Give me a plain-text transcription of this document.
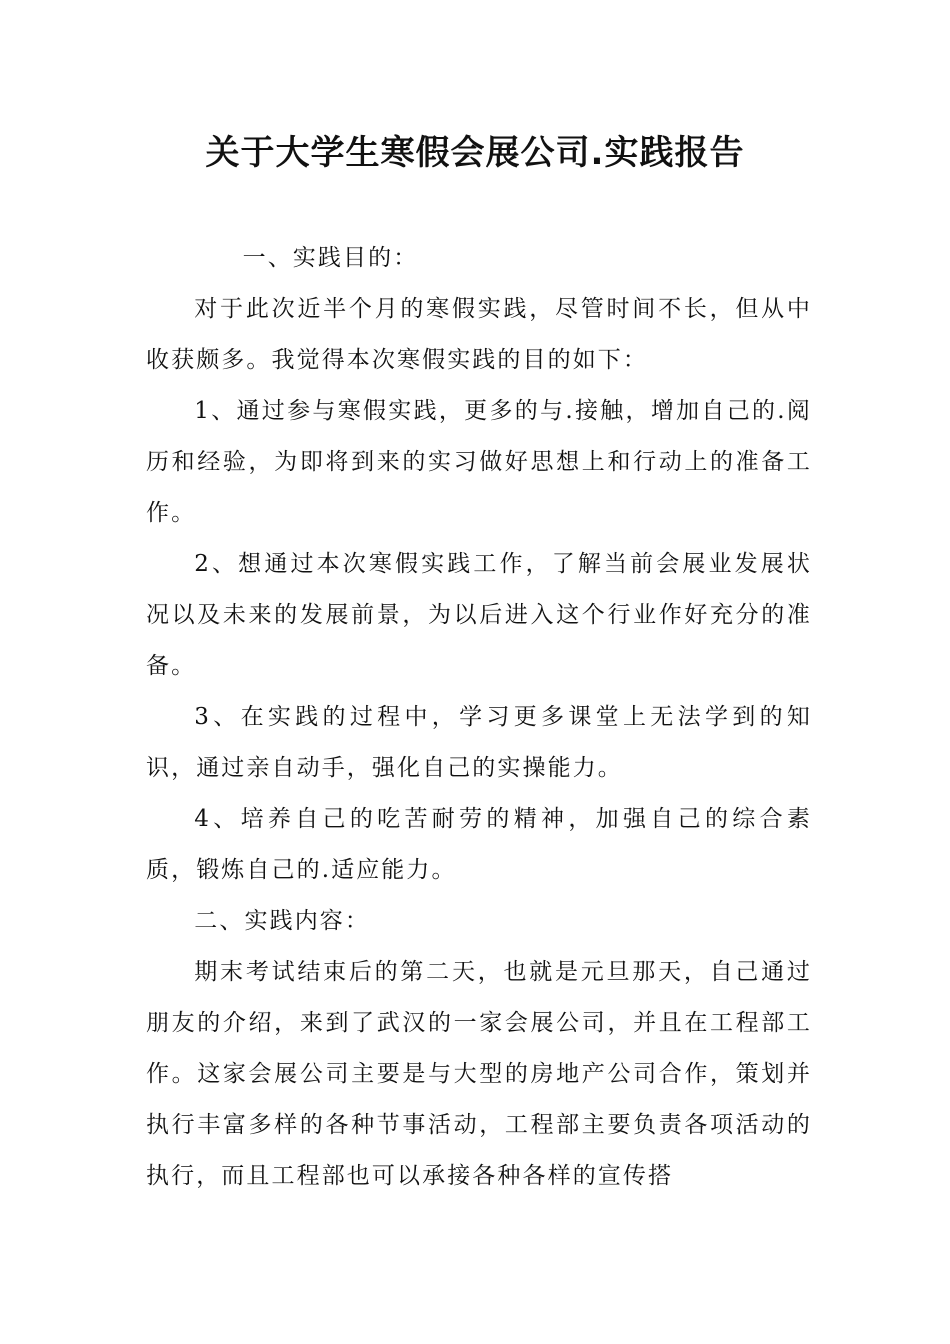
关于大学生寒假会展公司.实践报告

一、实践目的：

对于此次近半个月的寒假实践，尽管时间不长，但从中收获颇多。我觉得本次寒假实践的目的如下：

1、通过参与寒假实践，更多的与.接触，增加自己的.阅历和经验，为即将到来的实习做好思想上和行动上的准备工作。

2、想通过本次寒假实践工作，了解当前会展业发展状况以及未来的发展前景，为以后进入这个行业作好充分的准备。

3、在实践的过程中，学习更多课堂上无法学到的知识，通过亲自动手，强化自己的实操能力。

4、培养自己的吃苦耐劳的精神，加强自己的综合素质，锻炼自己的.适应能力。

二、实践内容：

期末考试结束后的第二天，也就是元旦那天，自己通过朋友的介绍，来到了武汉的一家会展公司，并且在工程部工作。这家会展公司主要是与大型的房地产公司合作，策划并执行丰富多样的各种节事活动，工程部主要负责各项活动的执行，而且工程部也可以承接各种各样的宣传搭
